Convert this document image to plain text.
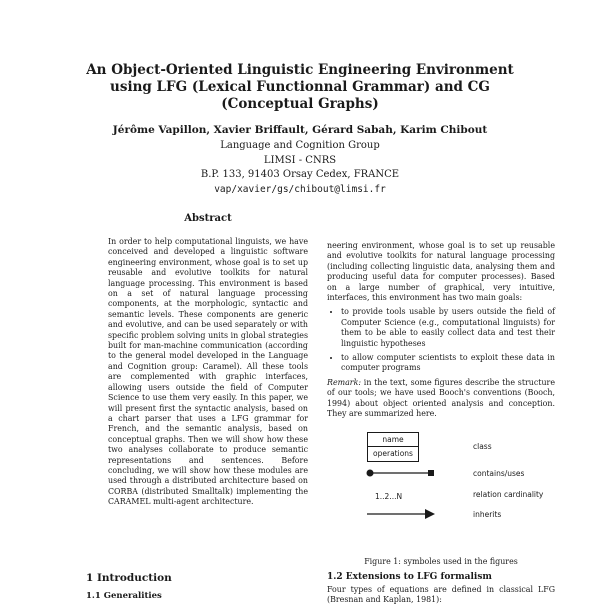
An Object-Oriented Linguistic Engineering Environment using LFG (Lexical Functionnal Grammar) and CG (Conceptual Graphs)
Jérôme Vapillon, Xavier Briffault, Gérard Sabah, Karim Chibout
Language and Cognition Group
LIMSI - CNRS
B.P. 133, 91403 Orsay Cedex, FRANCE
vap/xavier/gs/chibout@limsi.fr
Abstract

In order to help computational linguists, we have conceived and developed a linguistic software engineering environment, whose goal is to set up reusable and evolutive toolkits for natural language processing. This environment is based on a set of natural language processing components, at the morphologic, syntactic and semantic levels. These components are generic and evolutive, and can be used separately or with specific problem solving units in global strategies built for man-machine communication (according to the general model developed in the Language and Cognition group: Caramel). All these tools are complemented with graphic interfaces, allowing users outside the field of Computer Science to use them very easily. In this paper, we will present first the syntactic analysis, based on a chart parser that uses a LFG grammar for French, and the semantic analysis, based on conceptual graphs. Then we will show how these two analyses collaborate to produce semantic representations and sentences. Before concluding, we will show how these modules are used through a distributed architecture based on CORBA (distributed Smalltalk) implementing the CARAMEL multi-agent architecture.

neering environment, whose goal is to set up reusable and evolutive toolkits for natural language processing (including collecting linguistic data, analysing them and producing useful data for computer processes). Based on a large number of graphical, very intuitive, interfaces, this environment has two main goals:

• to provide tools usable by users outside the field of Computer Science (e.g., computational linguists) for them to be able to easily collect data and test their linguistic hypotheses
• to allow computer scientists to exploit these data in computer programs

Remark: in the text, some figures describe the structure of our tools; we have used Booch's conventions (Booch, 1994) about object oriented analysis and conception. They are summarized here.

name
operations
class
contains/uses
1..2...N	relation cardinality
inherits
Figure 1: symboles used in the figures
1 Introduction
1.1 Generalities
1.2 Extensions to LFG formalism
Four types of equations are defined in classical LFG (Bresnan and Kaplan, 1981):
